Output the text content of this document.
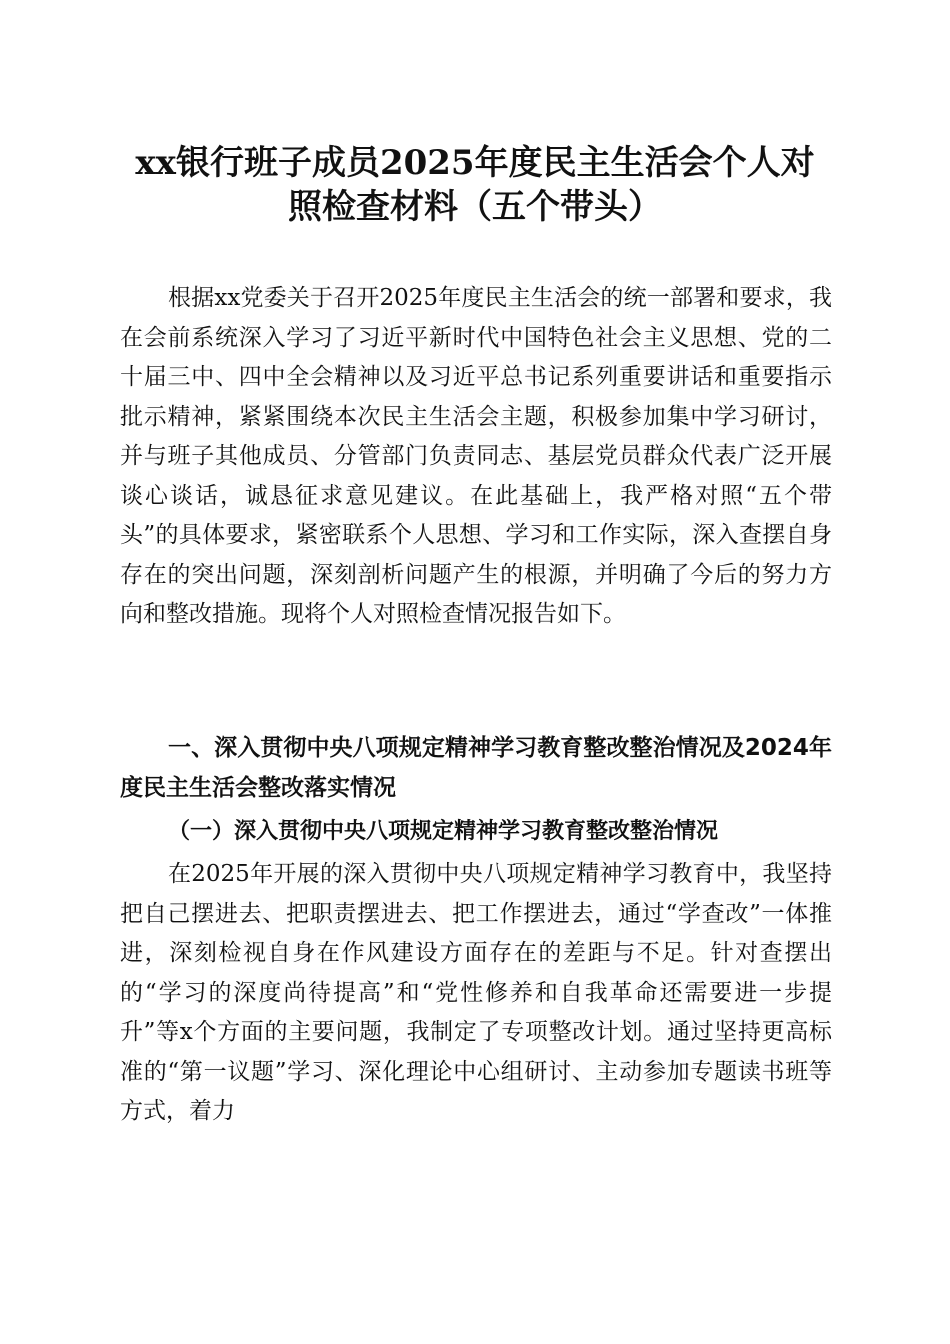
xx银行班子成员2025年度民主生活会个人对
照检查材料（五个带头）

根据xx党委关于召开2025年度民主生活会的统一部署和要求，我在会前系统深入学习了习近平新时代中国特色社会主义思想、党的二十届三中、四中全会精神以及习近平总书记系列重要讲话和重要指示批示精神，紧紧围绕本次民主生活会主题，积极参加集中学习研讨，并与班子其他成员、分管部门负责同志、基层党员群众代表广泛开展谈心谈话，诚恳征求意见建议。在此基础上，我严格对照“五个带头”的具体要求，紧密联系个人思想、学习和工作实际，深入查摆自身存在的突出问题，深刻剖析问题产生的根源，并明确了今后的努力方向和整改措施。现将个人对照检查情况报告如下。

一、深入贯彻中央八项规定精神学习教育整改整治情况及2024年度民主生活会整改落实情况
（一）深入贯彻中央八项规定精神学习教育整改整治情况

在2025年开展的深入贯彻中央八项规定精神学习教育中，我坚持把自己摆进去、把职责摆进去、把工作摆进去，通过“学查改”一体推进，深刻检视自身在作风建设方面存在的差距与不足。针对查摆出的“学习的深度尚待提高”和“党性修养和自我革命还需要进一步提升”等x个方面的主要问题，我制定了专项整改计划。通过坚持更高标准的“第一议题”学习、深化理论中心组研讨、主动参加专题读书班等方式，着力
